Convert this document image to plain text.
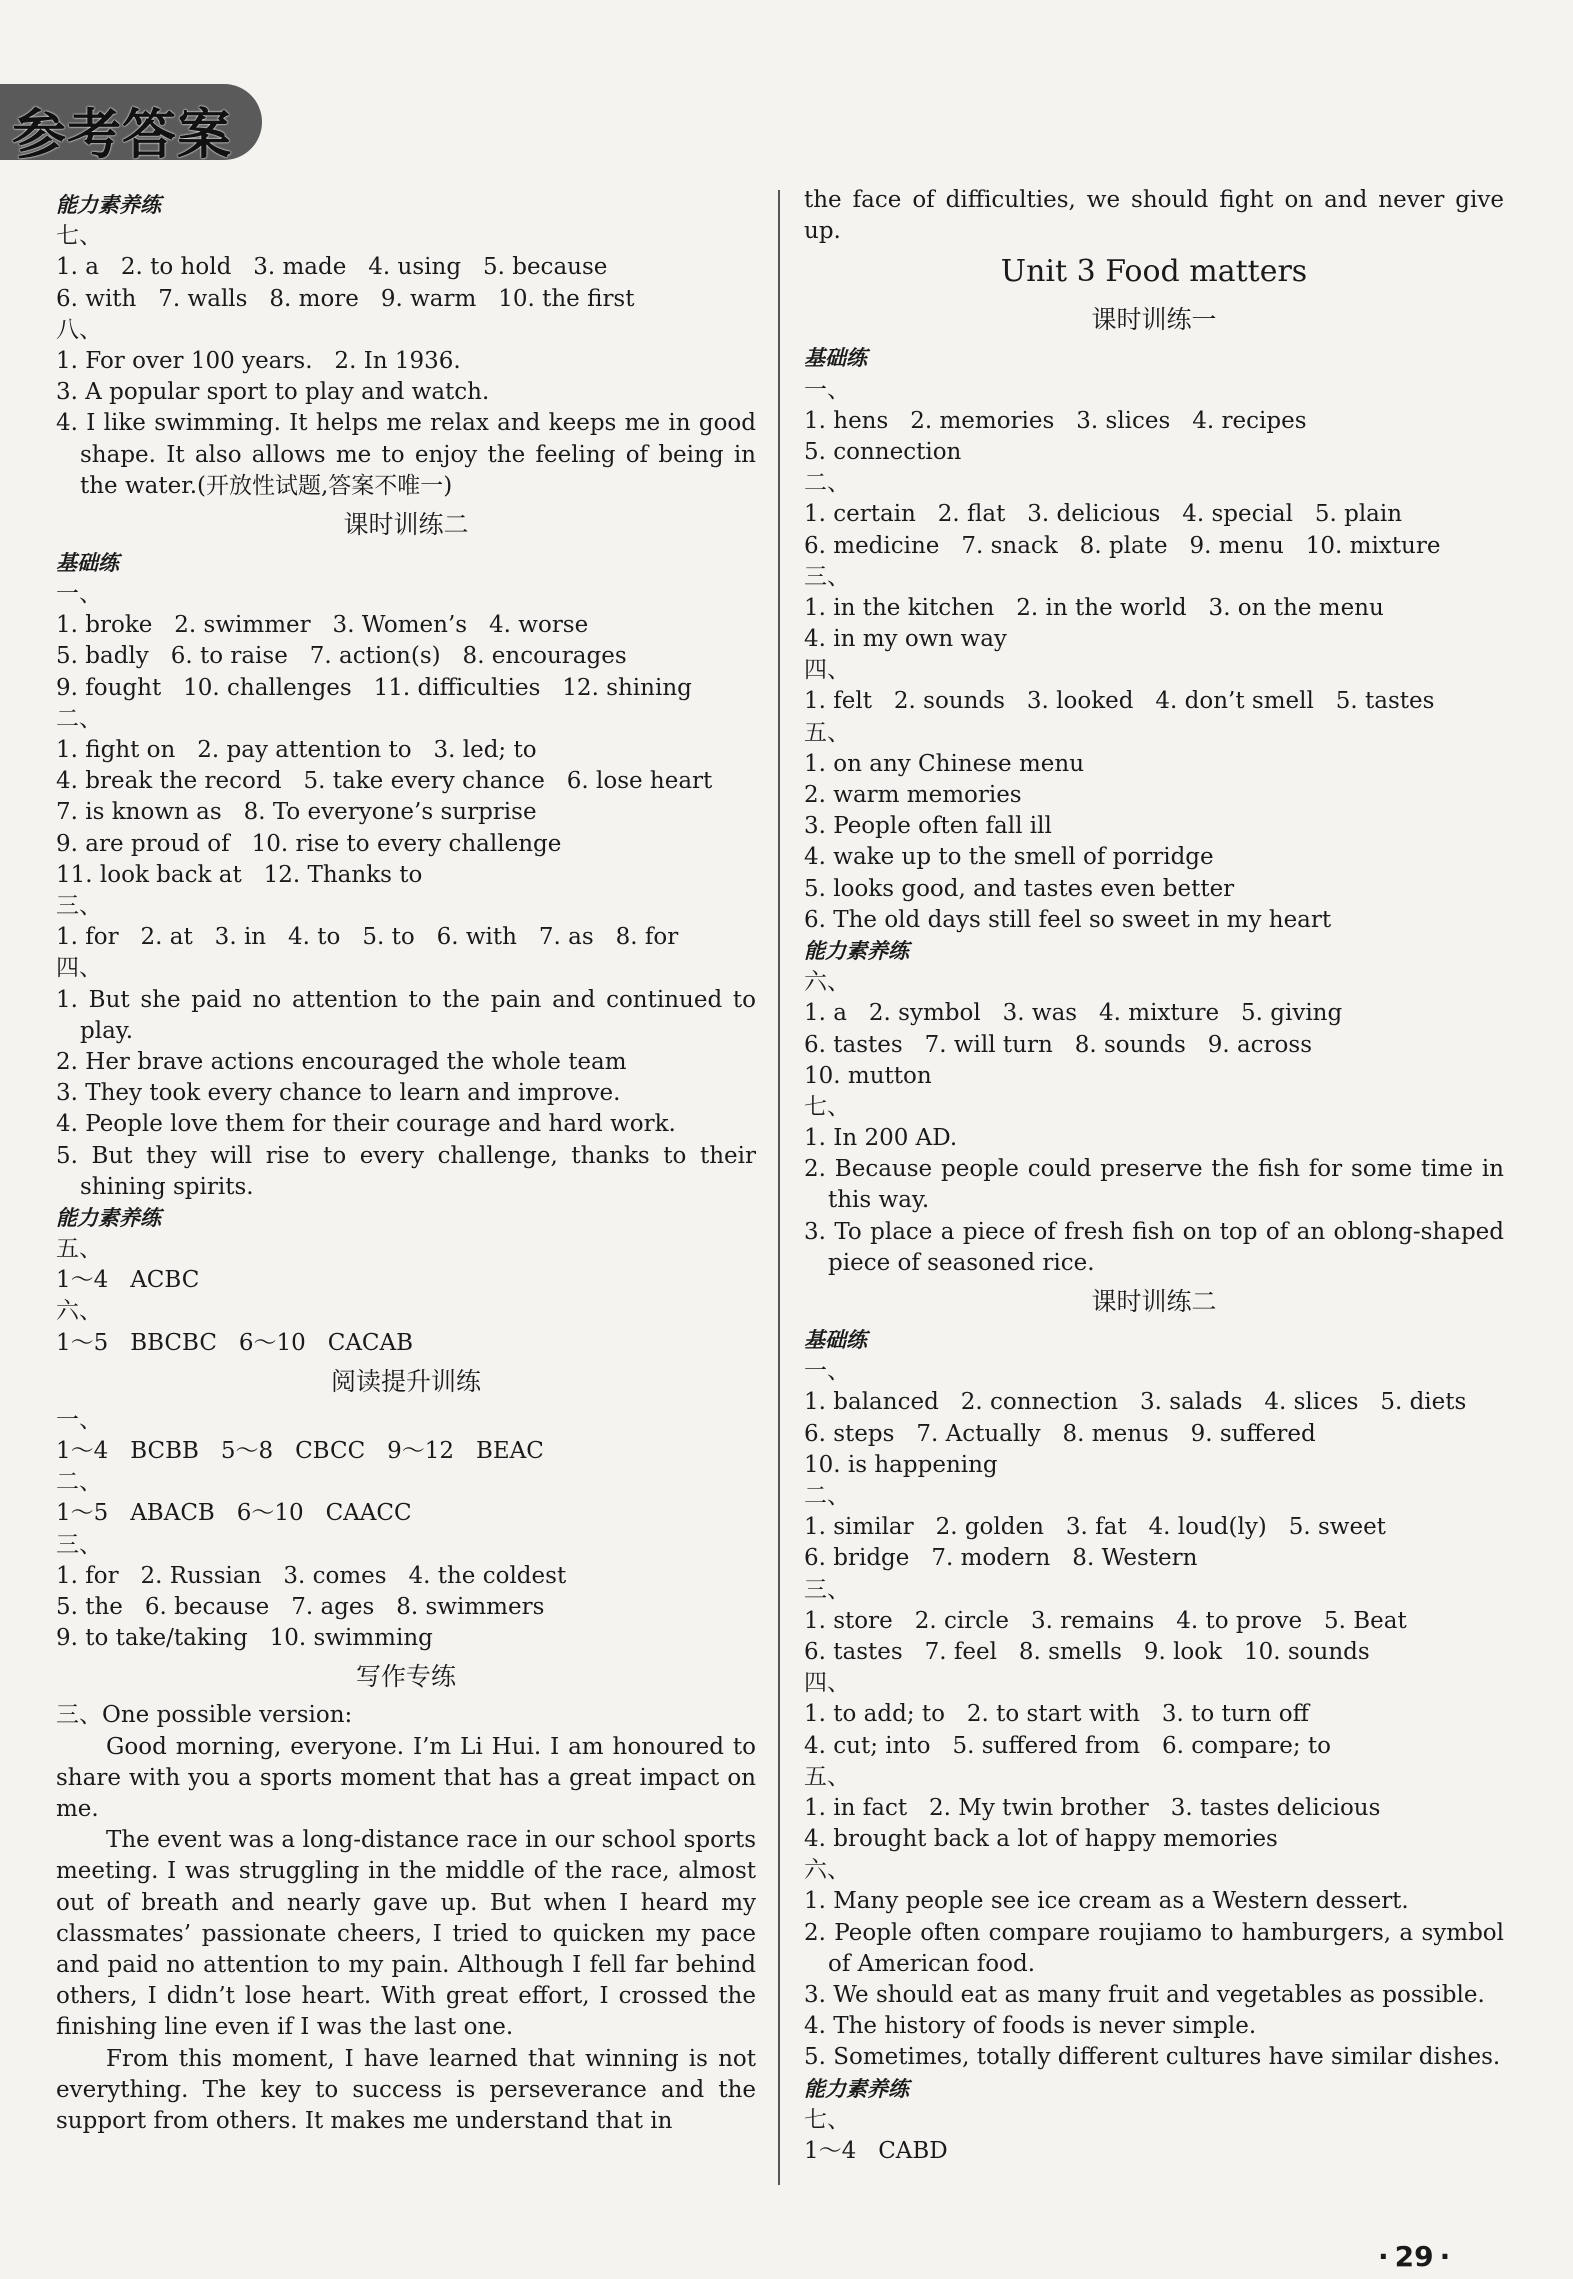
参考答案
能力素养练
七、
1. a   2. to hold   3. made   4. using   5. because
6. with   7. walls   8. more   9. warm   10. the first
八、
1. For over 100 years.   2. In 1936.
3. A popular sport to play and watch.
4. I like swimming. It helps me relax and keeps me in good shape. It also allows me to enjoy the feeling of being in the water.(开放性试题,答案不唯一)
课时训练二
基础练
一、
1. broke   2. swimmer   3. Women’s   4. worse
5. badly   6. to raise   7. action(s)   8. encourages
9. fought   10. challenges   11. difficulties   12. shining
二、
1. fight on   2. pay attention to   3. led; to
4. break the record   5. take every chance   6. lose heart
7. is known as   8. To everyone’s surprise
9. are proud of   10. rise to every challenge
11. look back at   12. Thanks to
三、
1. for   2. at   3. in   4. to   5. to   6. with   7. as   8. for
四、
1. But she paid no attention to the pain and continued to play.
2. Her brave actions encouraged the whole team
3. They took every chance to learn and improve.
4. People love them for their courage and hard work.
5. But they will rise to every challenge, thanks to their shining spirits.
能力素养练
五、
1～4   ACBC
六、
1～5   BBCBC   6～10   CACAB
阅读提升训练
一、
1～4   BCBB   5～8   CBCC   9～12   BEAC
二、
1～5   ABACB   6～10   CAACC
三、
1. for   2. Russian   3. comes   4. the coldest
5. the   6. because   7. ages   8. swimmers
9. to take/taking   10. swimming
写作专练
三、One possible version:
Good morning, everyone. I’m Li Hui. I am honoured to share with you a sports moment that has a great impact on me.
The event was a long-distance race in our school sports meeting. I was struggling in the middle of the race, almost out of breath and nearly gave up. But when I heard my classmates’ passionate cheers, I tried to quicken my pace and paid no attention to my pain. Although I fell far behind others, I didn’t lose heart. With great effort, I crossed the finishing line even if I was the last one.
From this moment, I have learned that winning is not everything. The key to success is perseverance and the support from others. It makes me understand that in
the face of difficulties, we should fight on and never give up.
Unit 3 Food matters
课时训练一
基础练
一、
1. hens   2. memories   3. slices   4. recipes
5. connection
二、
1. certain   2. flat   3. delicious   4. special   5. plain
6. medicine   7. snack   8. plate   9. menu   10. mixture
三、
1. in the kitchen   2. in the world   3. on the menu
4. in my own way
四、
1. felt   2. sounds   3. looked   4. don’t smell   5. tastes
五、
1. on any Chinese menu
2. warm memories
3. People often fall ill
4. wake up to the smell of porridge
5. looks good, and tastes even better
6. The old days still feel so sweet in my heart
能力素养练
六、
1. a   2. symbol   3. was   4. mixture   5. giving
6. tastes   7. will turn   8. sounds   9. across
10. mutton
七、
1. In 200 AD.
2. Because people could preserve the fish for some time in this way.
3. To place a piece of fresh fish on top of an oblong-shaped piece of seasoned rice.
课时训练二
基础练
一、
1. balanced   2. connection   3. salads   4. slices   5. diets
6. steps   7. Actually   8. menus   9. suffered
10. is happening
二、
1. similar   2. golden   3. fat   4. loud(ly)   5. sweet
6. bridge   7. modern   8. Western
三、
1. store   2. circle   3. remains   4. to prove   5. Beat
6. tastes   7. feel   8. smells   9. look   10. sounds
四、
1. to add; to   2. to start with   3. to turn off
4. cut; into   5. suffered from   6. compare; to
五、
1. in fact   2. My twin brother   3. tastes delicious
4. brought back a lot of happy memories
六、
1. Many people see ice cream as a Western dessert.
2. People often compare roujiamo to hamburgers, a symbol of American food.
3. We should eat as many fruit and vegetables as possible.
4. The history of foods is never simple.
5. Sometimes, totally different cultures have similar dishes.
能力素养练
七、
1～4   CABD
· 29 ·
